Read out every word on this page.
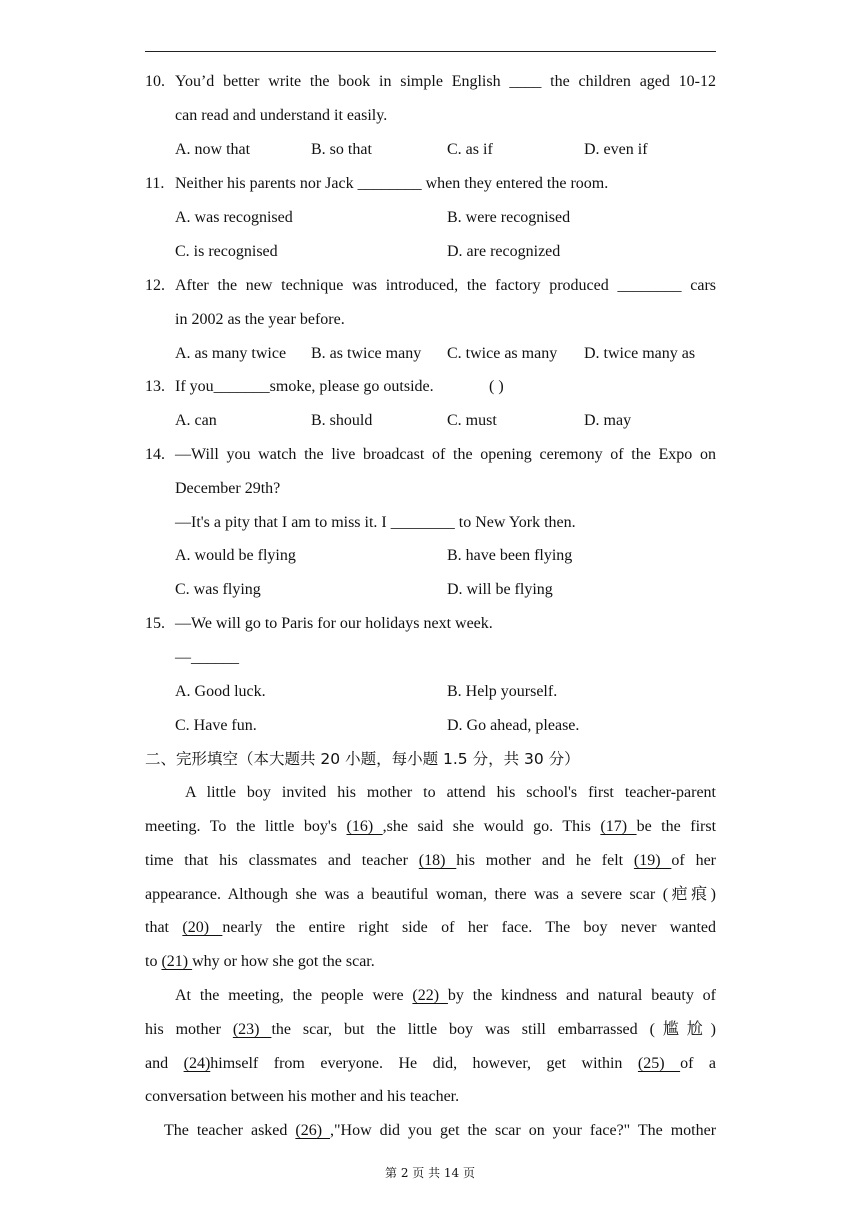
10. You’d better write the book in simple English ____ the children aged 10-12
can read and understand it easily.
A. now that	B. so that	C. as if	D. even if
11. Neither his parents nor Jack ________ when they entered the room.
A. was recognised	B. were recognised
C. is recognised	D. are recognized
12. After the new technique was introduced, the factory produced ________ cars
in 2002 as the year before.
A. as many twice B. as twice many C. twice as many D. twice many as
13. If you_______smoke, please go outside.	( )
A. can	B. should	C. must	D. may
14. —Will you watch the live broadcast of the opening ceremony of the Expo on
December 29th?
—It's a pity that I am to miss it. I ________ to New York then.
A. would be flying	B. have been flying
C. was flying	D. will be flying
15. —We will go to Paris for our holidays next week.
—______
A. Good luck.	B. Help yourself.
C. Have fun.	D. Go ahead, please.
二、完形填空（本大题共 20 小题，每小题 1.5 分，共 30 分）
A little boy invited his mother to attend his school's first teacher-parent
meeting. To the little boy's (16) ,she said she would go. This (17) be the first
time that his classmates and teacher (18) his mother and he felt (19) of her
appearance. Although she was a beautiful woman, there was a severe scar (疤痕)
that (20) nearly the entire right side of her face. The boy never wanted
to (21) why or how she got the scar.
At the meeting, the people were (22) by the kindness and natural beauty of
his mother (23) the scar, but the little boy was still embarrassed (尴尬)
and (24)himself from everyone. He did, however, get within (25) of a
conversation between his mother and his teacher.
The teacher asked (26) ,"How did you get the scar on your face?" The mother
第 2 页 共 14 页
